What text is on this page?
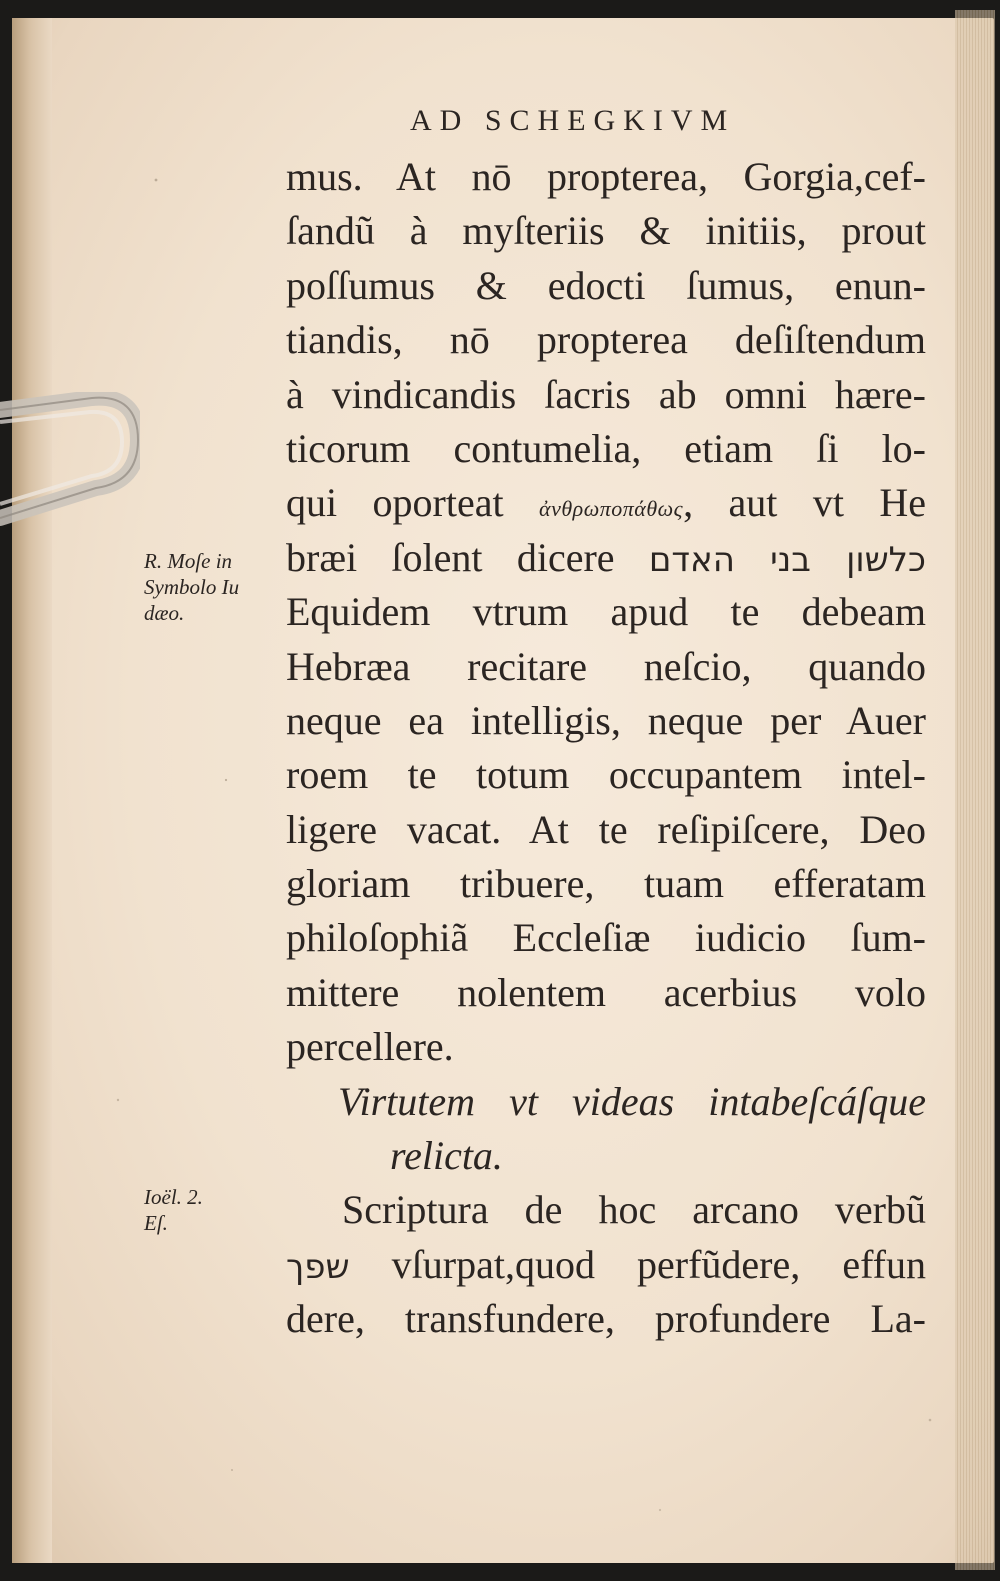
AD SCHEGKIVM

mus. At nō propterea, Gorgia,cef-
ſandũ à myſteriis & initiis, prout
poſſumus & edocti ſumus, enun-
tiandis, nō propterea deſiſtendum
à vindicandis ſacris ab omni hære-
ticorum contumelia, etiam ſi lo-
qui oporteat ἀνθρωποπάθως, aut vt He
bræi ſolent dicere כלשון בני האדם
Equidem vtrum apud te debeam
Hebræa recitare neſcio, quando
neque ea intelligis, neque per Auer
roem te totum occupantem intel-
ligere vacat. At te reſipiſcere, Deo
gloriam tribuere, tuam efferatam
philoſophiã Eccleſiæ iudicio ſum-
mittere nolentem acerbius volo
percellere.
Virtutem vt videas intabeſcáſque
relicta.
Scriptura de hoc arcano verbũ
שפך vſurpat,quod perfũdere, effun
dere, transfundere, profundere La-
R. Moſe in
Symbolo Iu
dæo.
Ioël. 2.
Eſ.
